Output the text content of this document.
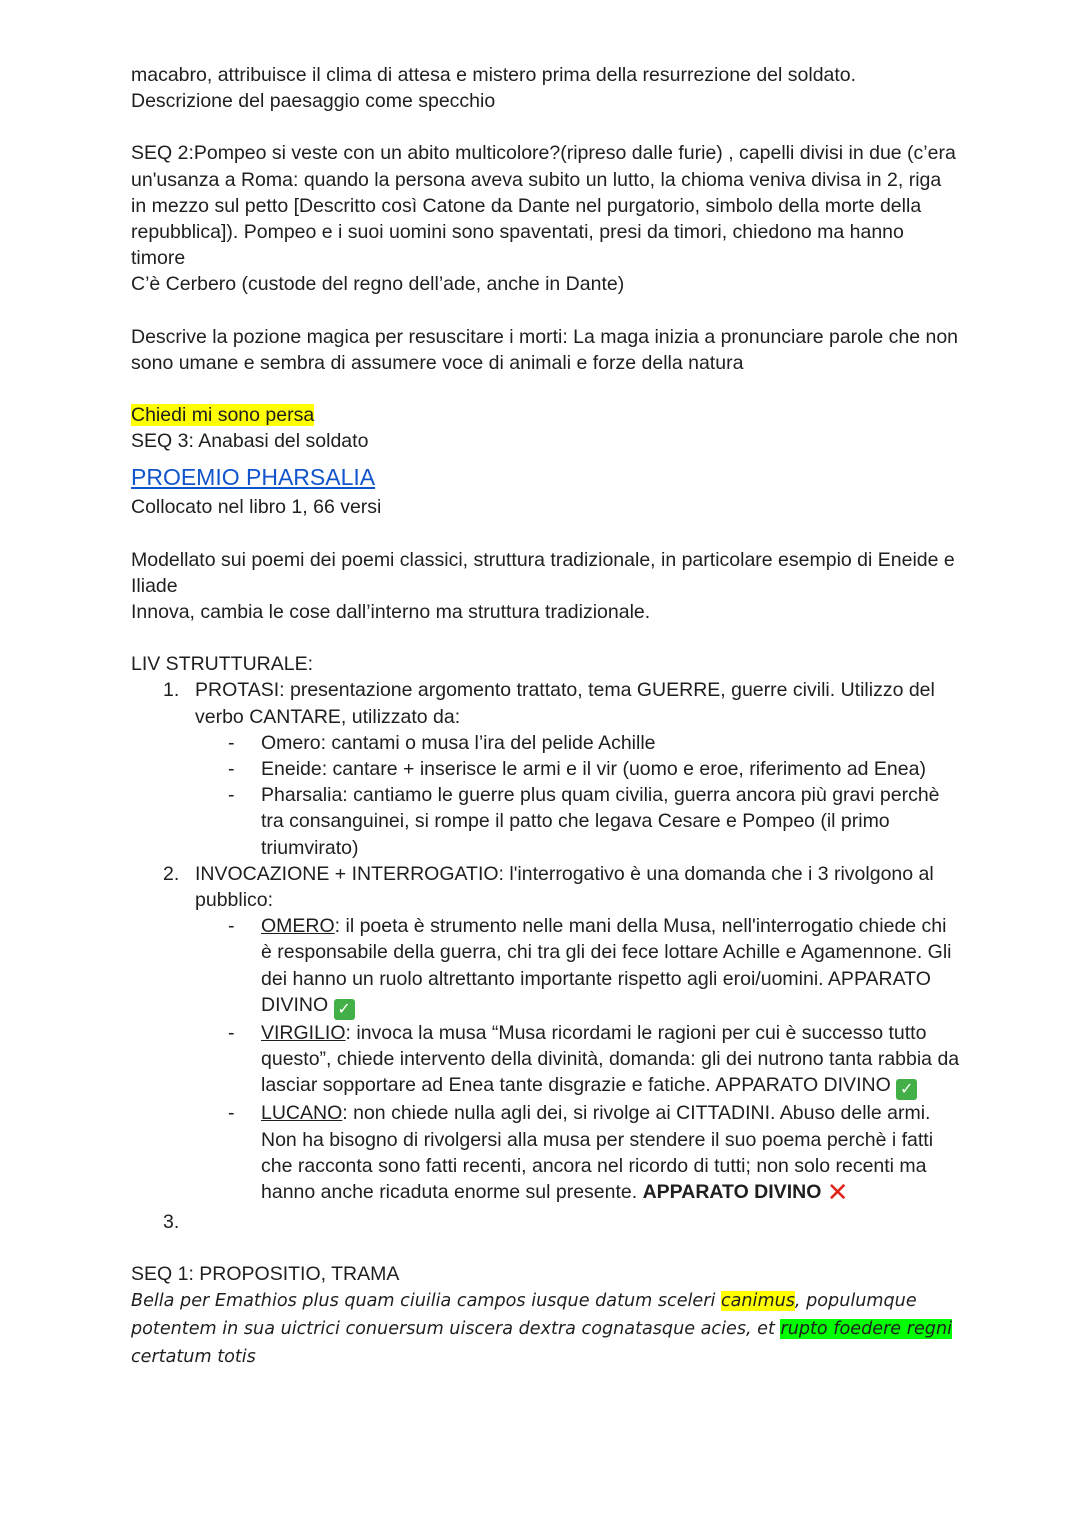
macabro, attribuisce il clima di attesa e mistero prima della resurrezione del soldato.

Descrizione del paesaggio come specchio

SEQ 2:Pompeo si veste con un abito multicolore?(ripreso dalle furie) , capelli divisi in due (c’era un'usanza a Roma: quando la persona aveva subito un lutto, la chioma veniva divisa in 2, riga in mezzo sul petto [Descritto così Catone da Dante nel purgatorio, simbolo della morte della repubblica]). Pompeo e i suoi uomini sono spaventati, presi da timori, chiedono ma hanno timore

C’è Cerbero (custode del regno dell’ade, anche in Dante)

Descrive la pozione magica per resuscitare i morti: La maga inizia a pronunciare parole che non sono umane e sembra di assumere voce di animali e forze della natura

Chiedi mi sono persa

SEQ 3: Anabasi del soldato

PROEMIO PHARSALIA

Collocato nel libro 1, 66 versi

Modellato sui poemi dei poemi classici, struttura tradizionale, in particolare esempio di Eneide e Iliade

Innova, cambia le cose dall’interno ma struttura tradizionale.

LIV STRUTTURALE:

1. PROTASI: presentazione argomento trattato, tema GUERRE, guerre civili. Utilizzo del verbo CANTARE, utilizzato da:
- Omero: cantami o musa l’ira del pelide Achille
- Eneide: cantare + inserisce le armi e il vir (uomo e eroe, riferimento ad Enea)
- Pharsalia: cantiamo le guerre plus quam civilia, guerra ancora più gravi perchè tra consanguinei, si rompe il patto che legava Cesare e Pompeo (il primo triumvirato)
2. INVOCAZIONE + INTERROGATIO: l'interrogativo è una domanda che i 3 rivolgono al pubblico:
- OMERO: il poeta è strumento nelle mani della Musa, nell'interrogatio chiede chi è responsabile della guerra, chi tra gli dei fece lottare Achille e Agamennone. Gli dei hanno un ruolo altrettanto importante rispetto agli eroi/uomini. APPARATO DIVINO ✓
- VIRGILIO: invoca la musa “Musa ricordami le ragioni per cui è successo tutto questo”, chiede intervento della divinità, domanda: gli dei nutrono tanta rabbia da lasciar sopportare ad Enea tante disgrazie e fatiche. APPARATO DIVINO ✓
- LUCANO: non chiede nulla agli dei, si rivolge ai CITTADINI. Abuso delle armi. Non ha bisogno di rivolgersi alla musa per stendere il suo poema perchè i fatti che racconta sono fatti recenti, ancora nel ricordo di tutti; non solo recenti ma hanno anche ricaduta enorme sul presente. APPARATO DIVINO ✕
3.

SEQ 1: PROPOSITIO, TRAMA

Bella per Emathios plus quam ciuilia campos iusque datum sceleri canimus, populumque potentem in sua uictrici conuersum uiscera dextra cognatasque acies, et rupto foedere regni certatum totis
